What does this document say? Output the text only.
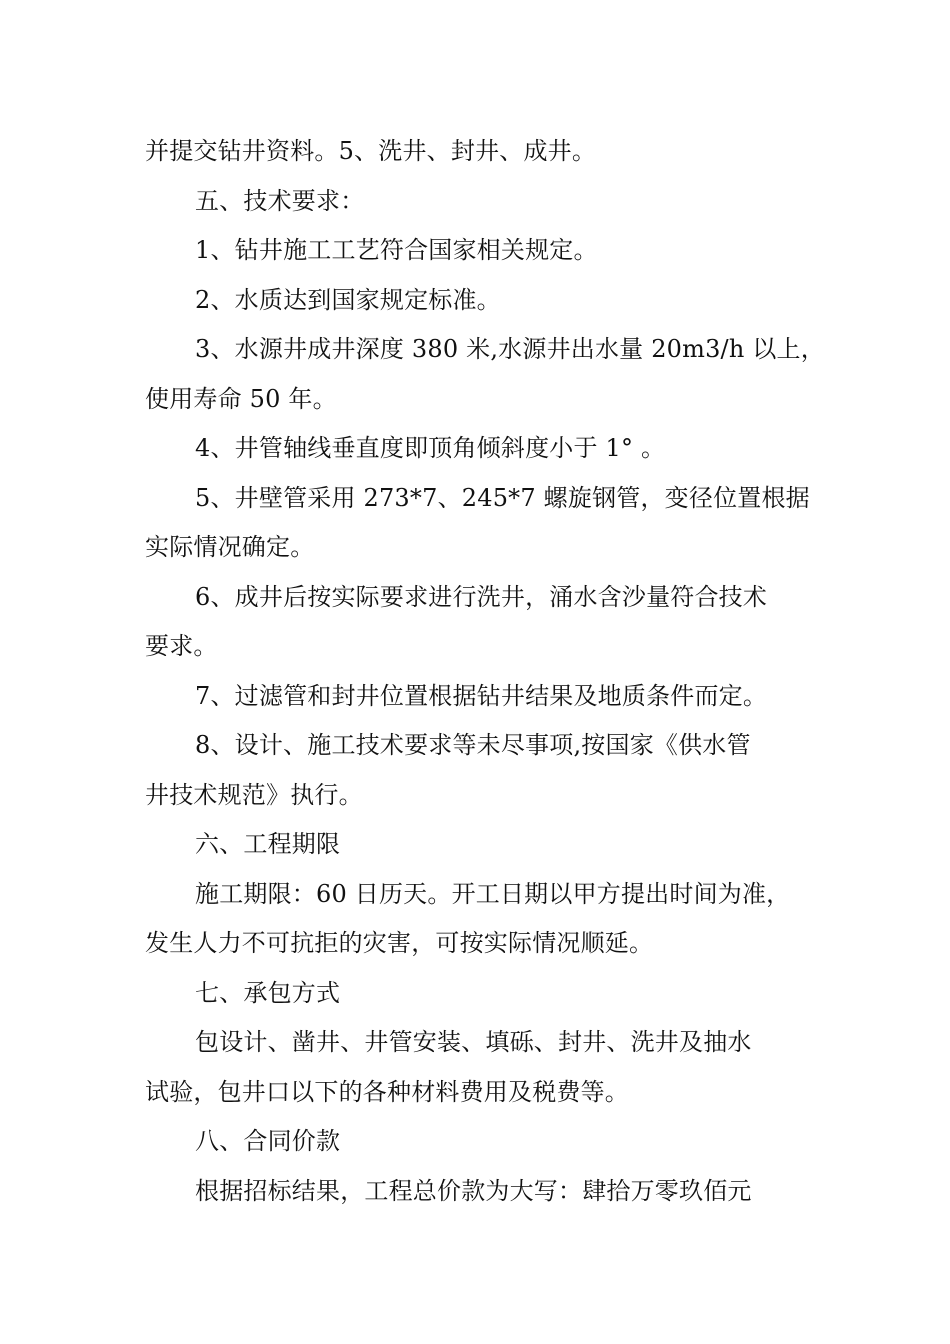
并提交钻井资料。5、洗井、封井、成井。
五、技术要求：
1、钻井施工工艺符合国家相关规定。
2、水质达到国家规定标准。
3、水源井成井深度 380 米,水源井出水量 20m3/h 以上，
使用寿命 50 年。
4、井管轴线垂直度即顶角倾斜度小于 1° 。
5、井壁管采用 273*7、245*7 螺旋钢管，变径位置根据
实际情况确定。
6、成井后按实际要求进行洗井，涌水含沙量符合技术
要求。
7、过滤管和封井位置根据钻井结果及地质条件而定。
8、设计、施工技术要求等未尽事项,按国家《供水管
井技术规范》执行。
六、工程期限
施工期限：60 日历天。开工日期以甲方提出时间为准，
发生人力不可抗拒的灾害，可按实际情况顺延。
七、承包方式
包设计、凿井、井管安装、填砾、封井、洗井及抽水
试验，包井口以下的各种材料费用及税费等。
八、合同价款
根据招标结果，工程总价款为大写：肆拾万零玖佰元
